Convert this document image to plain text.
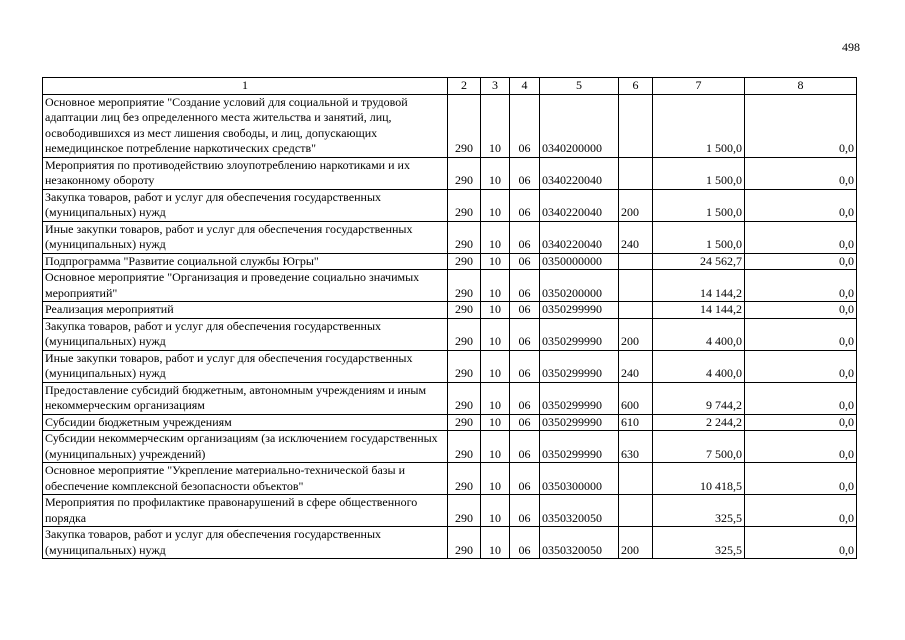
498
1	2	3	4	5	6	7	8
Основное мероприятие "Создание условий для социальной и трудовой адаптации лиц без определенного места жительства и занятий, лиц, освободившихся из мест лишения свободы, и лиц, допускающих немедицинское потребление наркотических средств"	290	10	06	0340200000		1 500,0	0,0
Мероприятия по противодействию злоупотреблению наркотиками и их незаконному обороту	290	10	06	0340220040		1 500,0	0,0
Закупка товаров, работ и услуг для обеспечения государственных (муниципальных) нужд	290	10	06	0340220040	200	1 500,0	0,0
Иные закупки товаров, работ и услуг для обеспечения государственных (муниципальных) нужд	290	10	06	0340220040	240	1 500,0	0,0
Подпрограмма "Развитие социальной службы Югры"	290	10	06	0350000000		24 562,7	0,0
Основное мероприятие "Организация и проведение социально значимых мероприятий"	290	10	06	0350200000		14 144,2	0,0
Реализация мероприятий	290	10	06	0350299990		14 144,2	0,0
Закупка товаров, работ и услуг для обеспечения государственных (муниципальных) нужд	290	10	06	0350299990	200	4 400,0	0,0
Иные закупки товаров, работ и услуг для обеспечения государственных (муниципальных) нужд	290	10	06	0350299990	240	4 400,0	0,0
Предоставление субсидий бюджетным, автономным учреждениям и иным некоммерческим организациям	290	10	06	0350299990	600	9 744,2	0,0
Субсидии бюджетным учреждениям	290	10	06	0350299990	610	2 244,2	0,0
Субсидии некоммерческим организациям (за исключением государственных (муниципальных) учреждений)	290	10	06	0350299990	630	7 500,0	0,0
Основное мероприятие "Укрепление материально-технической базы и обеспечение комплексной безопасности объектов"	290	10	06	0350300000		10 418,5	0,0
Мероприятия по профилактике правонарушений в сфере общественного порядка	290	10	06	0350320050		325,5	0,0
Закупка товаров, работ и услуг для обеспечения государственных (муниципальных) нужд	290	10	06	0350320050	200	325,5	0,0
